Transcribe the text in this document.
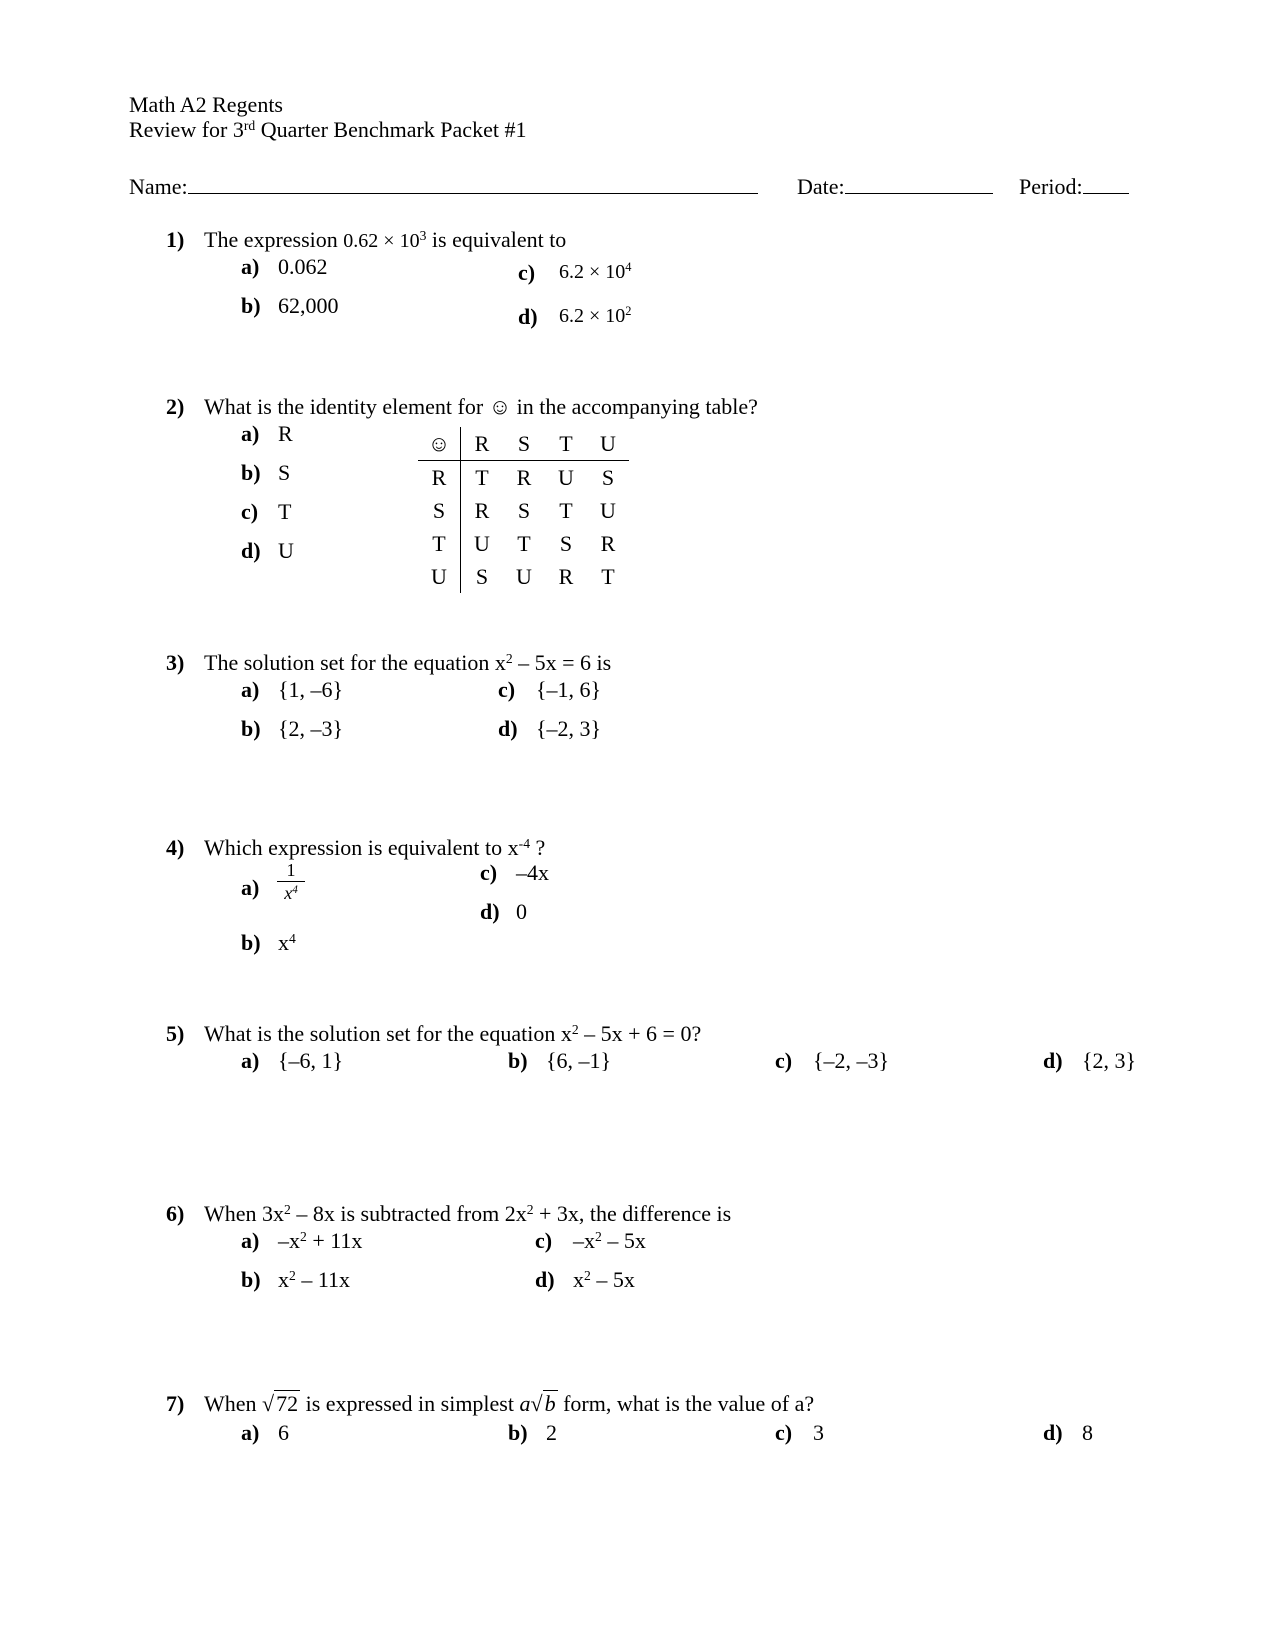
Math A2 Regents
Review for 3rd Quarter Benchmark Packet #1
Name:	Date:	Period:
1) The expression $0.62 \times 10^3$ is equivalent to
a) 0.062
b) 62,000
c) $6.2 \times 10^4$
d) $6.2 \times 10^2$
2) What is the identity element for ☺ in the accompanying table?
a) R
b) S
c) T
d) U
☺	R	S	T	U
R	T	R	U	S
S	R	S	T	U
T	U	T	S	R
U	S	U	R	T
3) The solution set for the equation $x^2 - 5x = 6$ is
a) {1, –6}
b) {2, –3}
c) {–1, 6}
d) {–2, 3}
4) Which expression is equivalent to $x^{-4}$ ?
a)
1
$x^4$
b) $x^4$
c) –4x
d) 0
5) What is the solution set for the equation $x^2 - 5x + 6 = 0$?
a) {–6, 1}	b) {6, –1}	c) {–2, –3}	d) {2, 3}
6) When $3x^2 - 8x$ is subtracted from $2x^2 + 3x$, the difference is
a) $-x^2 + 11x$
b) $x^2 - 11x$
c) $-x^2 - 5x$
d) $x^2 - 5x$
7) When √72 is expressed in simplest a√b form, what is the value of a?
a) 6	b) 2	c) 3	d) 8
